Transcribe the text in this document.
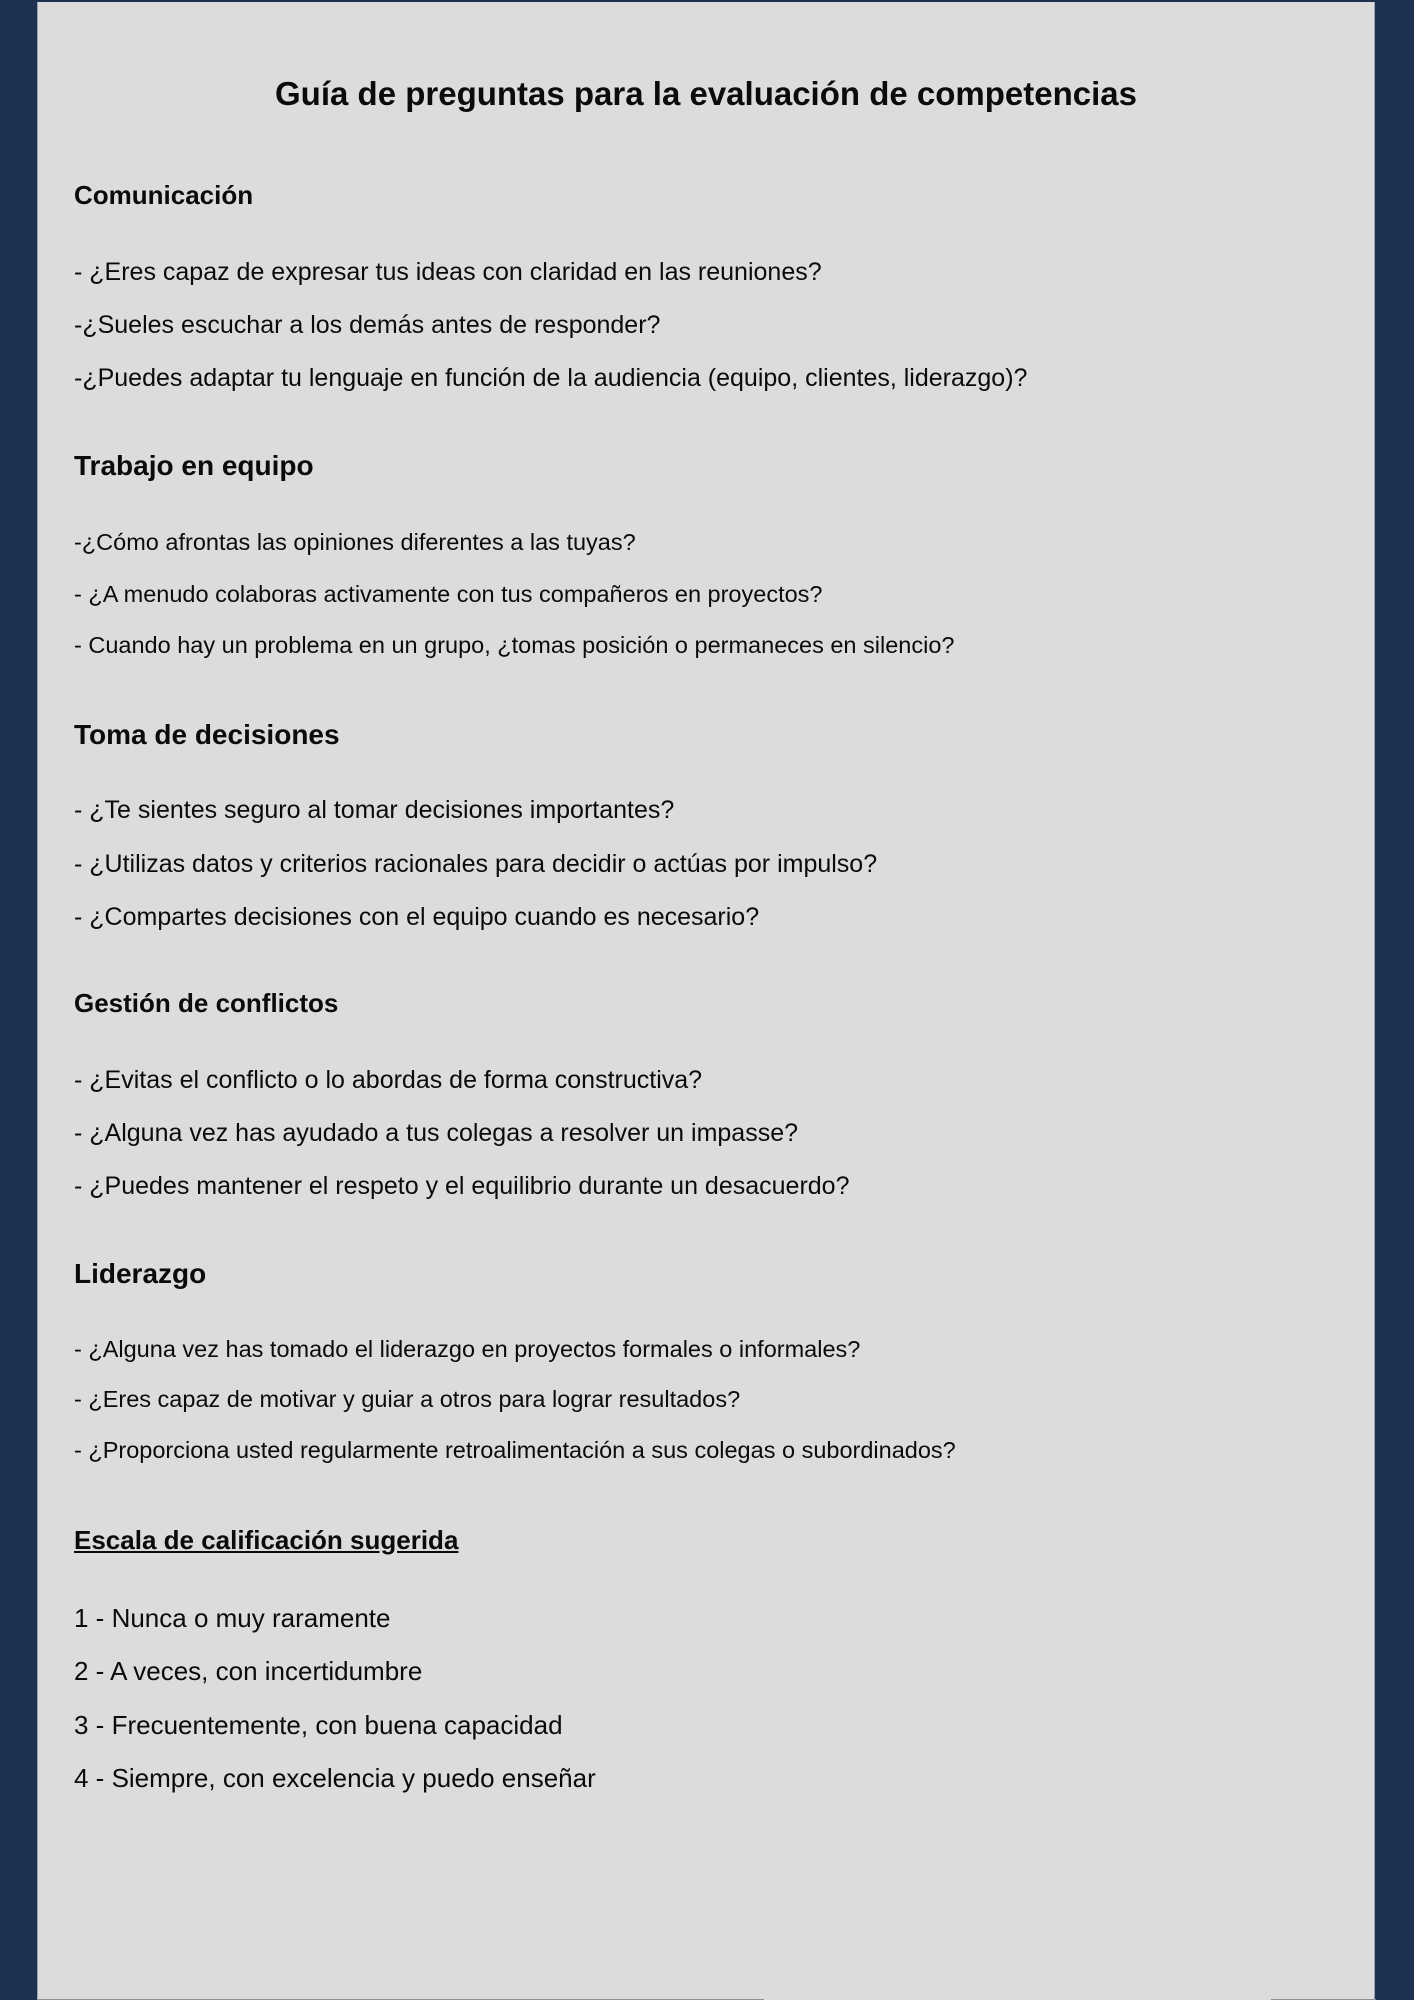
Guía de preguntas para la evaluación de competencias
Comunicación

- ¿Eres capaz de expresar tus ideas con claridad en las reuniones?

-¿Sueles escuchar a los demás antes de responder?

-¿Puedes adaptar tu lenguaje en función de la audiencia (equipo, clientes, liderazgo)?

Trabajo en equipo

-¿Cómo afrontas las opiniones diferentes a las tuyas?

- ¿A menudo colaboras activamente con tus compañeros en proyectos?

- Cuando hay un problema en un grupo, ¿tomas posición o permaneces en silencio?

Toma de decisiones

- ¿Te sientes seguro al tomar decisiones importantes?

- ¿Utilizas datos y criterios racionales para decidir o actúas por impulso?

- ¿Compartes decisiones con el equipo cuando es necesario?

Gestión de conflictos

- ¿Evitas el conflicto o lo abordas de forma constructiva?

- ¿Alguna vez has ayudado a tus colegas a resolver un impasse?

- ¿Puedes mantener el respeto y el equilibrio durante un desacuerdo?

Liderazgo

- ¿Alguna vez has tomado el liderazgo en proyectos formales o informales?

- ¿Eres capaz de motivar y guiar a otros para lograr resultados?

- ¿Proporciona usted regularmente retroalimentación a sus colegas o subordinados?

Escala de calificación sugerida

1 - Nunca o muy raramente

2 - A veces, con incertidumbre

3 - Frecuentemente, con buena capacidad

4 - Siempre, con excelencia y puedo enseñar
